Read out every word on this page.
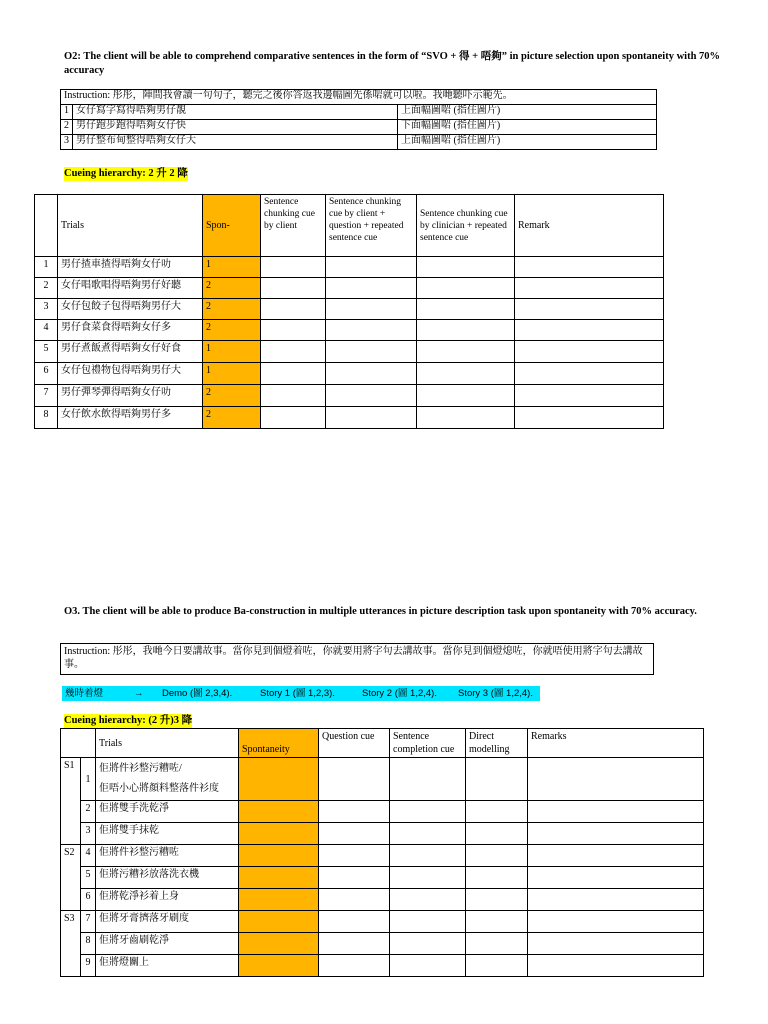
O2: The client will be able to comprehend comparative sentences in the form of “SVO + 得 + 唔夠” in picture selection upon spontaneity with 70% accuracy
Instruction: 彤彤，陣間我會讀一句句子，聽完之後你答返我邊幅圖先係啱就可以啦。我哋聽吓示範先。		
1	女仔寫字寫得唔夠男仔靚	上面幅圖啱 (指住圖片)
2	男仔跑步跑得唔夠女仔快	下面幅圖啱 (指住圖片)
3	男仔整布甸整得唔夠女仔大	上面幅圖啱 (指住圖片)
Cueing hierarchy: 2 升 2 降
	Trials	Spon-	Sentence chunking cue by client	Sentence chunking cue by client + question + repeated sentence cue	Sentence chunking cue by clinician + repeated sentence cue	Remark
1	男仔揸車揸得唔夠女仔叻	1				
2	女仔唱歌唱得唔夠男仔好聽	2				
3	女仔包餃子包得唔夠男仔大	2				
4	男仔食菜食得唔夠女仔多	2				
5	男仔煮飯煮得唔夠女仔好食	1				
6	女仔包禮物包得唔夠男仔大	1				
7	男仔彈琴彈得唔夠女仔叻	2				
8	女仔飲水飲得唔夠男仔多	2				
O3. The client will be able to produce Ba-construction in multiple utterances in picture description task upon spontaneity with 70% accuracy.
Instruction: 彤彤，我哋今日要講故事。當你見到個燈着咗，你就要用將字句去講故事。當你見到個燈熄咗，你就唔使用將字句去講故事。
幾時着燈	→ Demo (圖 2,3,4).	Story 1 (圖 1,2,3).	Story 2 (圖 1,2,4). Story 3 (圖 1,2,4).
Cueing hierarchy: (2 升)3 降
		Trials	Spontaneity	Question cue	Sentence completion cue	Direct modelling	Remarks
S1	1	佢將件衫整污糟咗/
佢唔小心將顏料整落件衫度					

	2	佢將雙手洗乾淨					
	3	佢將雙手抹乾					
S2	4	佢將件衫整污糟咗					
	5	佢將污糟衫放落洗衣機					
	6	佢將乾淨衫着上身					
S3	7	佢將牙膏擠落牙刷度					
	8	佢將牙齒刷乾淨					
	9	佢將燈關上					
